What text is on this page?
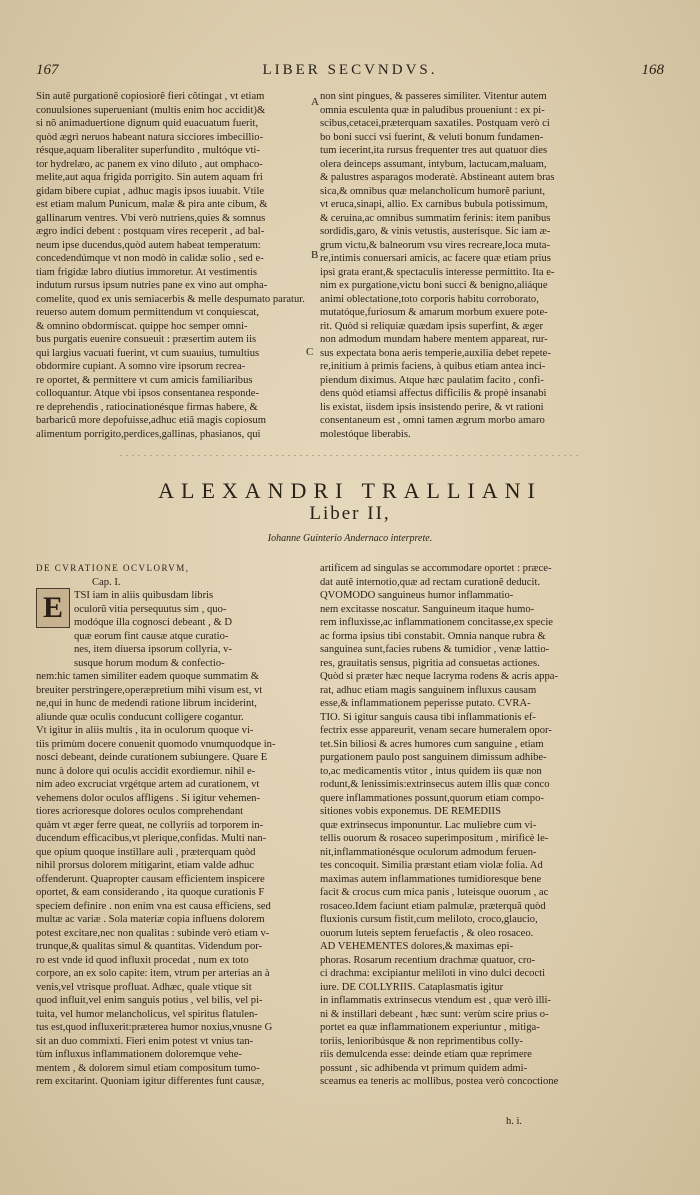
167	LIBER SECVNDVS.	168
Sin autẽ purgationẽ copiosiorẽ fieri cõtingat , vt etiam
conuulsiones superueniant (multis enim hoc accidit)&
si nõ animaduertione dignum quid euacuatum fuerit,
quòd ægri neruos habeant natura sicciores imbecillio-
résque,aquam liberaliter superfundito , multóque vti-
tor hydrelæo, ac panem ex vino diluto , aut omphaco-
melite,aut aqua frigida porrigito. Sin autem aquam fri
gidam bibere cupiat , adhuc magis ipsos iuuabit. Vtile
est etiam malum Punicum, malæ & pira ante cibum, &
gallinarum ventres. Vbi verò nutriens,quies & somnus
ægro indici debent : postquam vires receperit , ad bal-
neum ipse ducendus,quòd autem habeat temperatum:
concedendúmque vt non modò in calidæ solio , sed e-
tiam frigidæ labro diutius immoretur. At vestimentis
indutum rursus ipsum nutries pane ex vino aut ompha-
comelite, quod ex unis semiacerbis & melle despumato paratur.
reuerso autem domum permittendum vt conquiescat,
& omnino obdormiscat. quippe hoc semper omni-
bus purgatis euenire consueuit : præsertim autem iis
qui largius vacuati fuerint, vt cum suauius, tumultius
obdormire cupiant. A somno vire ipsorum recrea-
re oportet, & permittere vt cum amicis familiaribus
colloquantur. Atque vbi ipsos consentanea responde-
re deprehendis , ratiocinationésque firmas habere, &
barbaricũ more depofuisse,adhuc etiã magis copiosum
alimentum porrigito,perdices,gallinas, phasianos, qui
non sint pingues, & passeres similiter. Vitentur autem
omnia esculenta quæ in paludibus proueniunt : ex pi-
scibus,cetacei,præterquam saxatiles. Postquam verò ci
bo boni succi vsi fuerint, & veluti bonum fundamen-
tum iecerint,ita rursus frequenter tres aut quatuor dies
olera deinceps assumant, intybum, lactucam,maluam,
& palustres asparagos moderatè. Abstineant autem bras
sica,& omnibus quæ melancholicum humorẽ pariunt,
vt eruca,sinapi, allio. Ex carnibus bubula potissimum,
& ceruina,ac omnibus summatim ferinis: item panibus
sordidis,garo, & vinis vetustis, austerisque. Sic iam æ-
grum victu,& balneorum vsu vires recreare,loca muta-
re,intimis conuersari amicis, ac facere quæ etiam prius
ipsi grata erant,& spectaculis interesse permittito. Ita e-
nim ex purgatione,victu boni succi & benigno,aliáque
animi oblectatione,toto corporis habitu corroborato,
mutatóque,furiosum & amarum morbum exuere pote-
rit. Quòd si reliquiæ quædam ipsis superfint, & æger
non admodum mundam habere mentem appareat, rur-
sus expectata bona aeris temperie,auxilia debet repete-
re,initium à primis faciens, à quibus etiam antea inci-
piendum diximus. Atque hæc paulatim facito , confi-
dens quòd etiamsi affectus difficilis & propè insanabi
lis existat, iisdem ipsis insistendo perire, & vt rationi
consentaneum est , omni tamen ægrum morbo amaro
molestóque liberabis.
A
B
C
ALEXANDRI TRALLIANI
Liber II,
Iohanne Guinterio Andernaco interprete.
E
DE CVRATIONE OCVLORVM,
Cap. I.
TSI iam in aliis quibusdam libris
oculorũ vitia persequutus sim , quo-
modóque illa cognosci debeant , & D
quæ eorum fint causæ atque curatio-
nes, item diuersa ipsorum collyria, v-
susque horum modum & confectio-
nem:hic tamen similiter eadem quoque summatim &
breuiter perstringere,operæpretium mihi visum est, vt
ne,qui in hunc de medendi ratione librum inciderint,
aliunde quæ oculis conducunt colligere cogantur.
Vt igitur in aliis multis , ita in oculorum quoque vi-
tiis primùm docere conuenit quomodo vnumquodque in-
nosci debeant, deinde curationem subiungere. Quare E
nunc à dolore qui oculis accidit exordiemur. nihil e-
nim adeo excruciat vrgétque artem ad curationem, vt
vehemens dolor oculos affligens . Si igitur vehemen-
tiores acrioresque dolores oculos comprehendant
quàm vt æger ferre queat, ne collyriis ad torporem in-
ducendum efficacibus,vt plerique,confidas. Multi nan-
que opium quoque instillare auli , præterquam quòd
nihil prorsus dolorem mitigarint, etiam valde adhuc
offenderunt. Quapropter causam efficientem inspicere
oportet, & eam considerando , ita quoque curationis F
speciem definire . non enim vna est causa efficiens, sed
multæ ac variæ . Sola materiæ copia influens dolorem
potest excitare,nec non qualitas : subinde verò etiam v-
trunque,& qualitas simul & quantitas. Videndum por-
ro est vnde id quod influxit procedat , num ex toto
corpore, an ex solo capite: item, vtrum per arterias an à
venis,vel vtrisque profluat. Adhæc, quale vtique sit
quod influit,vel enim sanguis potius , vel bilis, vel pi-
tuita, vel humor melancholicus, vel spiritus flatulen-
tus est,quod influxerit:præterea humor noxius,vnusne G
sit an duo commixti. Fieri enim potest vt vnius tan-
tùm influxus inflammationem doloremque vehe-
mentem , & dolorem simul etiam compositum tumo-
rem excitarint. Quoniam igitur differentes funt causæ,
artificem ad singulas se accommodare oportet : præce-
dat autẽ internotio,quæ ad rectam curationẽ deducit.
QVOMODO sanguineus humor inflammatio-
nem excitasse noscatur. Sanguineum itaque humo-
rem influxisse,ac inflammationem concitasse,ex specie
ac forma ipsius tibi constabit. Omnia nanque rubra &
sanguinea sunt,facies rubens & tumidior , venæ lattio-
res, grauitatis sensus, pigritia ad consuetas actiones.
Quòd si præter hæc neque lacryma rodens & acris appa-
rat, adhuc etiam magis sanguinem influxus causam
esse,& inflammationem peperisse putato. CVRA-
TIO. Si igitur sanguis causa tibi inflammationis ef-
fectrix esse appareurit, venam secare humeralem opor-
tet.Sin biliosi & acres humores cum sanguine , etiam
purgationem paulo post sanguinem dimissum adhibe-
to,ac medicamentis vtitor , intus quidem iis quæ non
rodunt,& lenissimis:extrinsecus autem illis quæ conco
quere inflammationes possunt,quorum etiam compo-
sitiones vobis exponemus. DE REMEDIIS
quæ extrinsecus imponuntur. Lac muliebre cum vi-
tellis ouorum & rosaceo superimpositum , mirificè le-
nit,inflammationésque oculorum admodum feruen-
tes concoquit. Similia præstant etiam violæ folia. Ad
maximas autem inflammationes tumidioresque bene
facit & crocus cum mica panis , luteisque ouorum , ac
rosaceo.Idem faciunt etiam palmulæ, præterquã quòd
fluxionis cursum fistit,cum meliloto, croco,glaucio,
ouorum luteis septem feruefactis , & oleo rosaceo.
AD VEHEMENTES dolores,& maximas epi-
phoras. Rosarum recentium drachmæ quatuor, cro-
ci drachma: excipiantur meliloti in vino dulci decocti
iure. DE COLLYRIIS. Cataplasmatis igitur
in inflammatis extrinsecus vtendum est , quæ verò illi-
ni & instillari debeant , hæc sunt: verùm scire prius o-
portet ea quæ inflammationem experiuntur , mitiga-
toriis, lenioribúsque & non reprimentibus colly-
riis demulcenda esse: deinde etiam quæ reprimere
possunt , sic adhibenda vt primum quidem admi-
sceamus ea teneris ac mollibus, postea verò concoctione
h. i.
